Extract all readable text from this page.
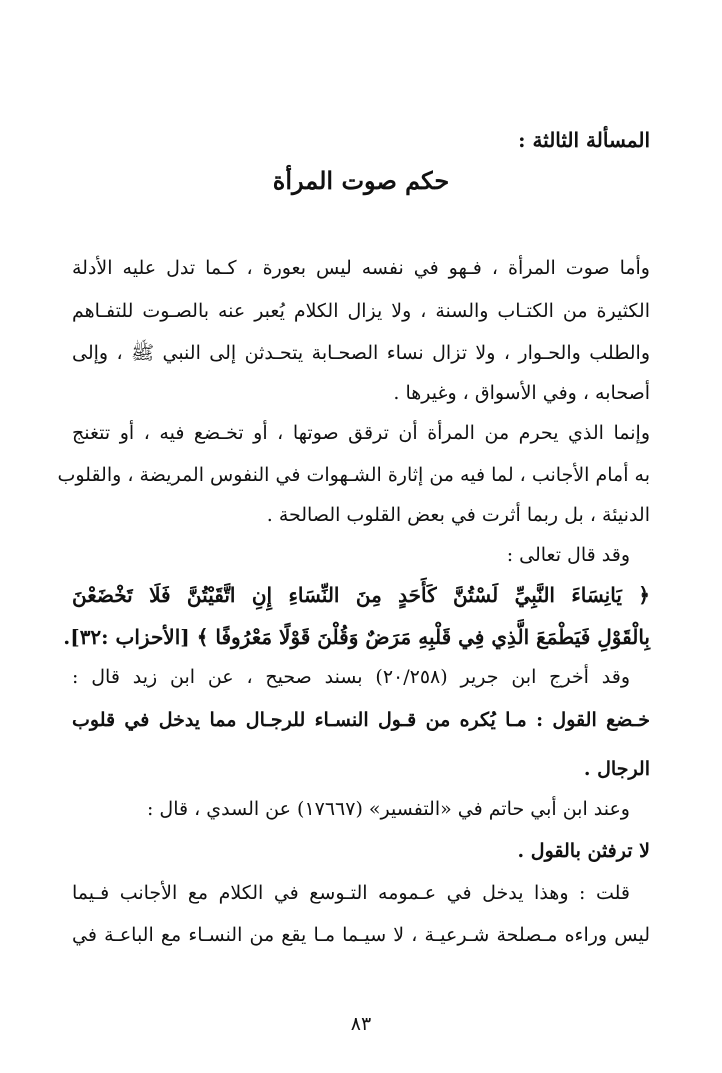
المسألة الثالثة :
حكم صوت المرأة
وأما صوت المرأة ، فـهو في نفسه ليس بعورة ، كـما تدل عليه الأدلة
الكثيرة من الكتـاب والسنة ، ولا يزال الكلام يُعبر عنه بالصـوت للتفـاهم
والطلب والحـوار ، ولا تزال نساء الصحـابة يتحـدثن إلى النبي ﷺ ، وإلى
أصحابه ، وفي الأسواق ، وغيرها .
وإنما الذي يحرم من المرأة أن ترقق صوتها ، أو تخـضع فيه ، أو تتغنج
به أمام الأجانب ، لما فيه من إثارة الشـهوات في النفوس المريضة ، والقلوب
الدنيئة ، بل ربما أثرت في بعض القلوب الصالحة .
وقد قال تعالى :
﴿ يَانِسَاءَ النَّبِيِّ لَسْتُنَّ كَأَحَدٍ مِنَ النِّسَاءِ إِنِ اتَّقَيْتُنَّ فَلَا تَخْضَعْنَ
بِالْقَوْلِ فَيَطْمَعَ الَّذِي فِي قَلْبِهِ مَرَضٌ وَقُلْنَ قَوْلًا مَعْرُوفًا ﴾ [الأحزاب :٣٢].
وقد أخرج ابن جرير (٢٠/٢٥٨) بسند صحيح ، عن ابن زيد قال :
خـضع القول : مـا يُكره من قـول النسـاء للرجـال مما يدخل في قلوب
الرجال .
وعند ابن أبي حاتم في «التفسير» (١٧٦٦٧) عن السدي ، قال :
لا ترفثن بالقول .
قلت : وهذا يدخل في عـمومه التـوسع في الكلام مع الأجانب فـيما
ليس وراءه مـصلحة شـرعيـة ، لا سيـما مـا يقع من النسـاء مع الباعـة في
٨٣
